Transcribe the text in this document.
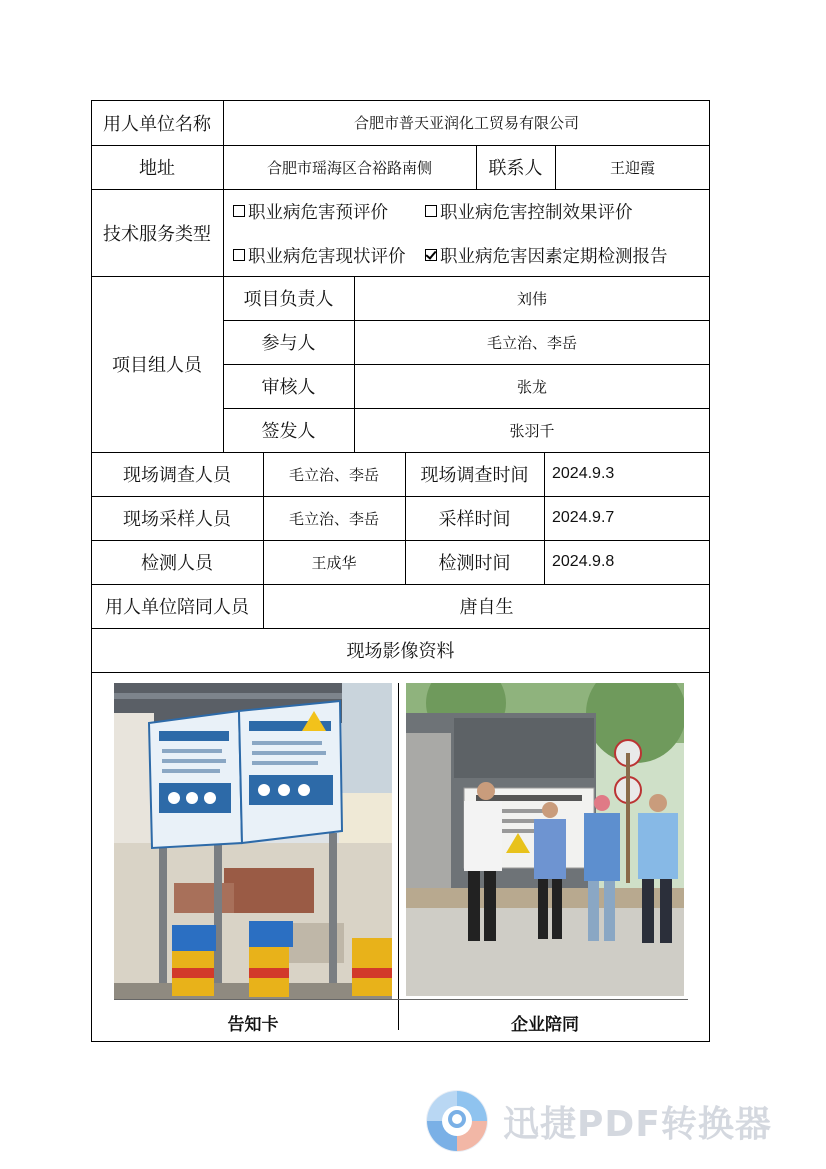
用人单位名称	合肥市普天亚润化工贸易有限公司
地址	合肥市瑶海区合裕路南侧	联系人	王迎霞
技术服务类型
职业病危害预评价	职业病危害控制效果评价
职业病危害现状评价 职业病危害因素定期检测报告
项目组人员
项目负责人	刘伟
参与人	毛立治、李岳
审核人	张龙
签发人	张羽千
现场调查人员	毛立治、李岳	现场调查时间	2024.9.3
现场采样人员	毛立治、李岳	采样时间	2024.9.7
检测人员	王成华	检测时间	2024.9.8
用人单位陪同人员	唐自生
现场影像资料
告知卡	企业陪同
迅捷PDF转换器
